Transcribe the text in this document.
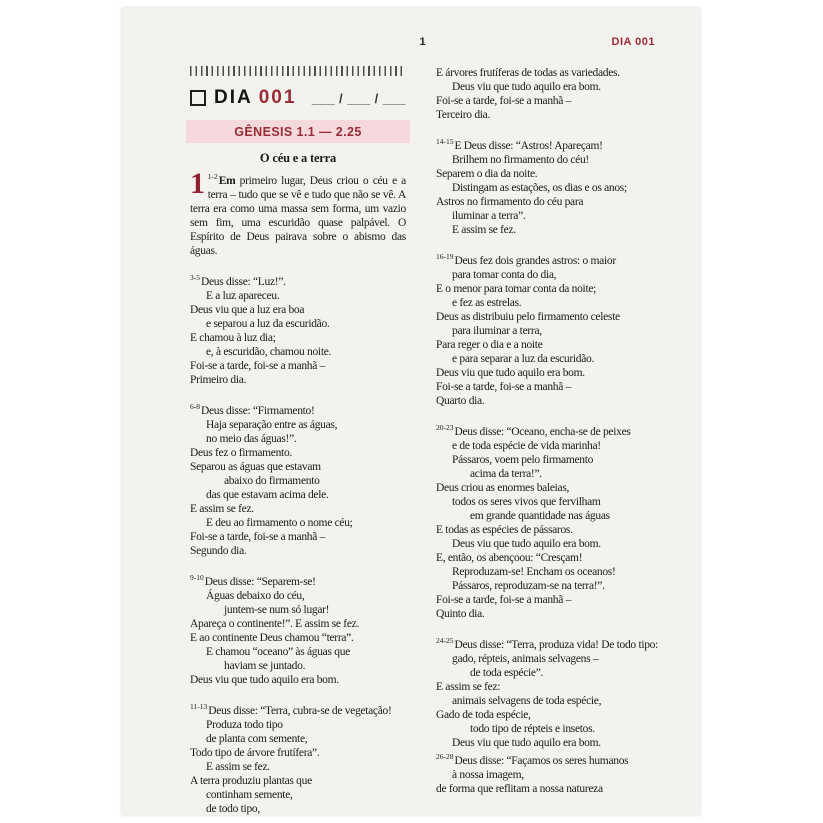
1	DIA 001
DIA 001 ___ / ___ / ___
GÊNESIS 1.1 — 2.25
O céu e a terra
1 $^{1-2}$Em primeiro lugar, Deus criou o céu e a terra – tudo que se vê e tudo que não se vê. A terra era como uma massa sem forma, um vazio sem fim, uma escuridão quase palpável. O Espírito de Deus pairava sobre o abismo das águas.
$^{3-5}$Deus disse: “Luz!”.
E a luz apareceu.
Deus viu que a luz era boa
e separou a luz da escuridão.
E chamou à luz dia;
e, à escuridão, chamou noite.
Foi-se a tarde, foi-se a manhã –
Primeiro dia.
$^{6-8}$Deus disse: “Firmamento!
Haja separação entre as águas,
no meio das águas!”.
Deus fez o firmamento.
Separou as águas que estavam
abaixo do firmamento
das que estavam acima dele.
E assim se fez.
E deu ao firmamento o nome céu;
Foi-se a tarde, foi-se a manhã –
Segundo dia.
$^{9-10}$Deus disse: “Separem-se!
Águas debaixo do céu,
juntem-se num só lugar!
Apareça o continente!”. E assim se fez.
E ao continente Deus chamou “terra”.
E chamou “oceano” às águas que
haviam se juntado.
Deus viu que tudo aquilo era bom.
$^{11-13}$Deus disse: “Terra, cubra-se de vegetação!
Produza todo tipo
de planta com semente,
Todo tipo de árvore frutífera”.
E assim se fez.
A terra produziu plantas que
continham semente,
de todo tipo,
E árvores frutíferas de todas as variedades.
Deus viu que tudo aquilo era bom.
Foi-se a tarde, foi-se a manhã –
Terceiro dia.
$^{14-15}$E Deus disse: “Astros! Apareçam!
Brilhem no firmamento do céu!
Separem o dia da noite.
Distingam as estações, os dias e os anos;
Astros no firmamento do céu para
iluminar a terra”.
E assim se fez.
$^{16-19}$Deus fez dois grandes astros: o maior
para tomar conta do dia,
E o menor para tomar conta da noite;
e fez as estrelas.
Deus as distribuiu pelo firmamento celeste
para iluminar a terra,
Para reger o dia e a noite
e para separar a luz da escuridão.
Deus viu que tudo aquilo era bom.
Foi-se a tarde, foi-se a manhã –
Quarto dia.
$^{20-23}$Deus disse: “Oceano, encha-se de peixes
e de toda espécie de vida marinha!
Pássaros, voem pelo firmamento
acima da terra!”.
Deus criou as enormes baleias,
todos os seres vivos que fervilham
em grande quantidade nas águas
E todas as espécies de pássaros.
Deus viu que tudo aquilo era bom.
E, então, os abençoou: “Cresçam!
Reproduzam-se! Encham os oceanos!
Pássaros, reproduzam-se na terra!”.
Foi-se a tarde, foi-se a manhã –
Quinto dia.
$^{24-25}$Deus disse: “Terra, produza vida! De todo tipo:
gado, répteis, animais selvagens –
de toda espécie”.
E assim se fez:
animais selvagens de toda espécie,
Gado de toda espécie,
todo tipo de répteis e insetos.
Deus viu que tudo aquilo era bom.
$^{26-28}$Deus disse: “Façamos os seres humanos
à nossa imagem,
de forma que reflitam a nossa natureza
